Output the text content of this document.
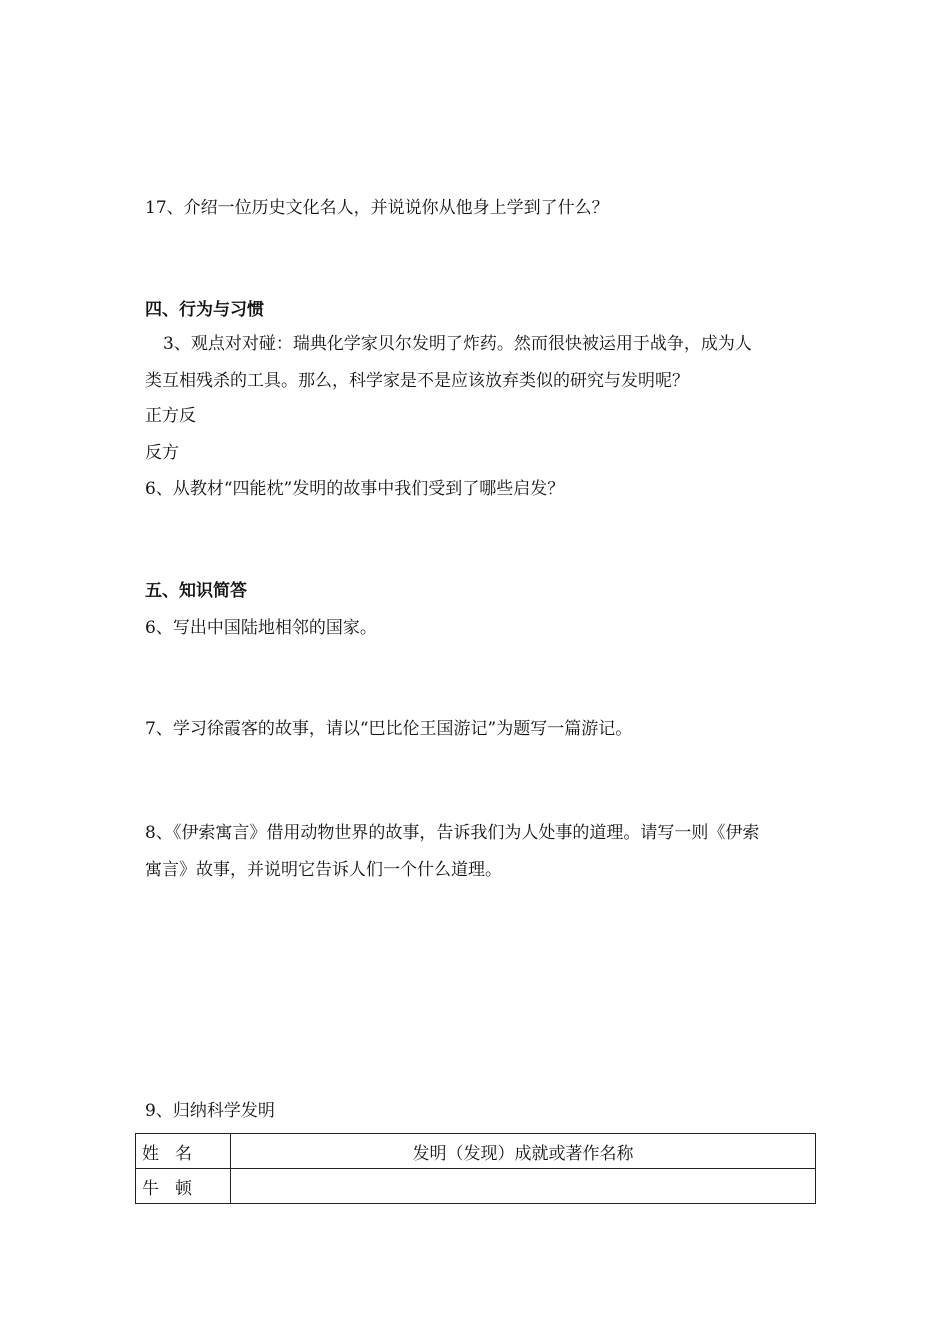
17、介绍一位历史文化名人，并说说你从他身上学到了什么？
四、行为与习惯
3、观点对对碰：瑞典化学家贝尔发明了炸药。然而很快被运用于战争，成为人
类互相残杀的工具。那么，科学家是不是应该放弃类似的研究与发明呢？
正方反
反方
6、从教材“四能枕”发明的故事中我们受到了哪些启发？
五、知识简答
6、写出中国陆地相邻的国家。
7、学习徐霞客的故事，请以“巴比伦王国游记”为题写一篇游记。
8、《伊索寓言》借用动物世界的故事，告诉我们为人处事的道理。请写一则《伊索
寓言》故事，并说明它告诉人们一个什么道理。
9、归纳科学发明
姓名	发明（发现）成就或著作名称
牛顿	
